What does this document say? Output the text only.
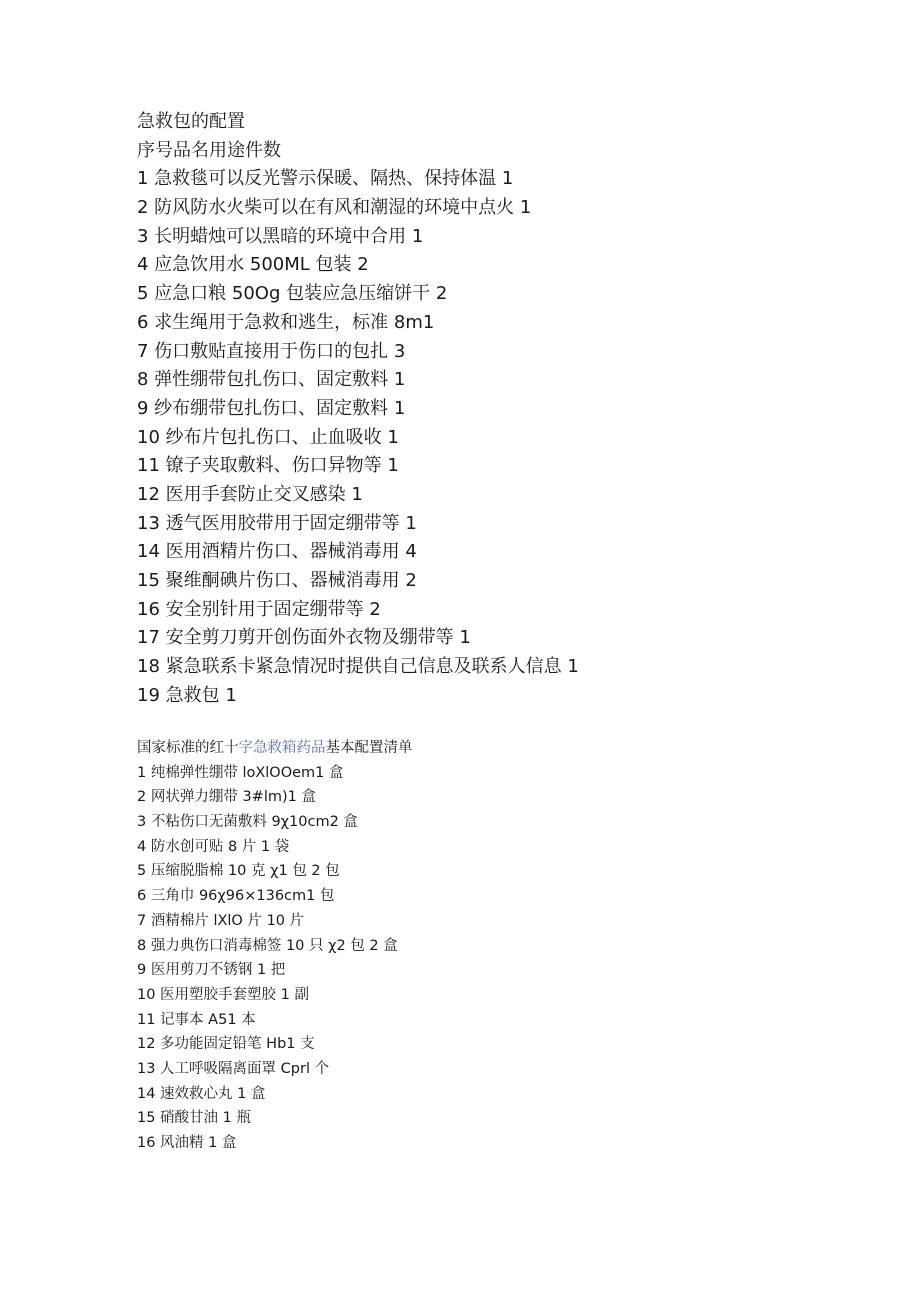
急救包的配置
序号品名用途件数
1 急救毯可以反光警示保暖、隔热、保持体温 1
2 防风防水火柴可以在有风和潮湿的环境中点火 1
3 长明蜡烛可以黑暗的环境中合用 1
4 应急饮用水 500ML 包装 2
5 应急口粮 50Og 包装应急压缩饼干 2
6 求生绳用于急救和逃生，标准 8m1
7 伤口敷贴直接用于伤口的包扎 3
8 弹性绷带包扎伤口、固定敷料 1
9 纱布绷带包扎伤口、固定敷料 1
10 纱布片包扎伤口、止血吸收 1
11 镣子夹取敷料、伤口异物等 1
12 医用手套防止交叉感染 1
13 透气医用胶带用于固定绷带等 1
14 医用酒精片伤口、器械消毒用 4
15 聚维酮碘片伤口、器械消毒用 2
16 安全别针用于固定绷带等 2
17 安全剪刀剪开创伤面外衣物及绷带等 1
18 紧急联系卡紧急情况时提供自己信息及联系人信息 1
19 急救包 1
国家标准的红十字急救箱药品基本配置清单
1 纯棉弹性绷带 loXlOOem1 盒
2 网状弹力绷带 3#lm)1 盒
3 不粘伤口无菌敷料 9χ10cm2 盒
4 防水创可贴 8 片 1 袋
5 压缩脱脂棉 10 克 χ1 包 2 包
6 三角巾 96χ96×136cm1 包
7 酒精棉片 lXlO 片 10 片
8 强力典伤口消毒棉签 10 只 χ2 包 2 盒
9 医用剪刀不锈钢 1 把
10 医用塑胶手套塑胶 1 副
11 记事本 A51 本
12 多功能固定铅笔 Hb1 支
13 人工呼吸隔离面罩 Cprl 个
14 速效救心丸 1 盒
15 硝酸甘油 1 瓶
16 风油精 1 盒
